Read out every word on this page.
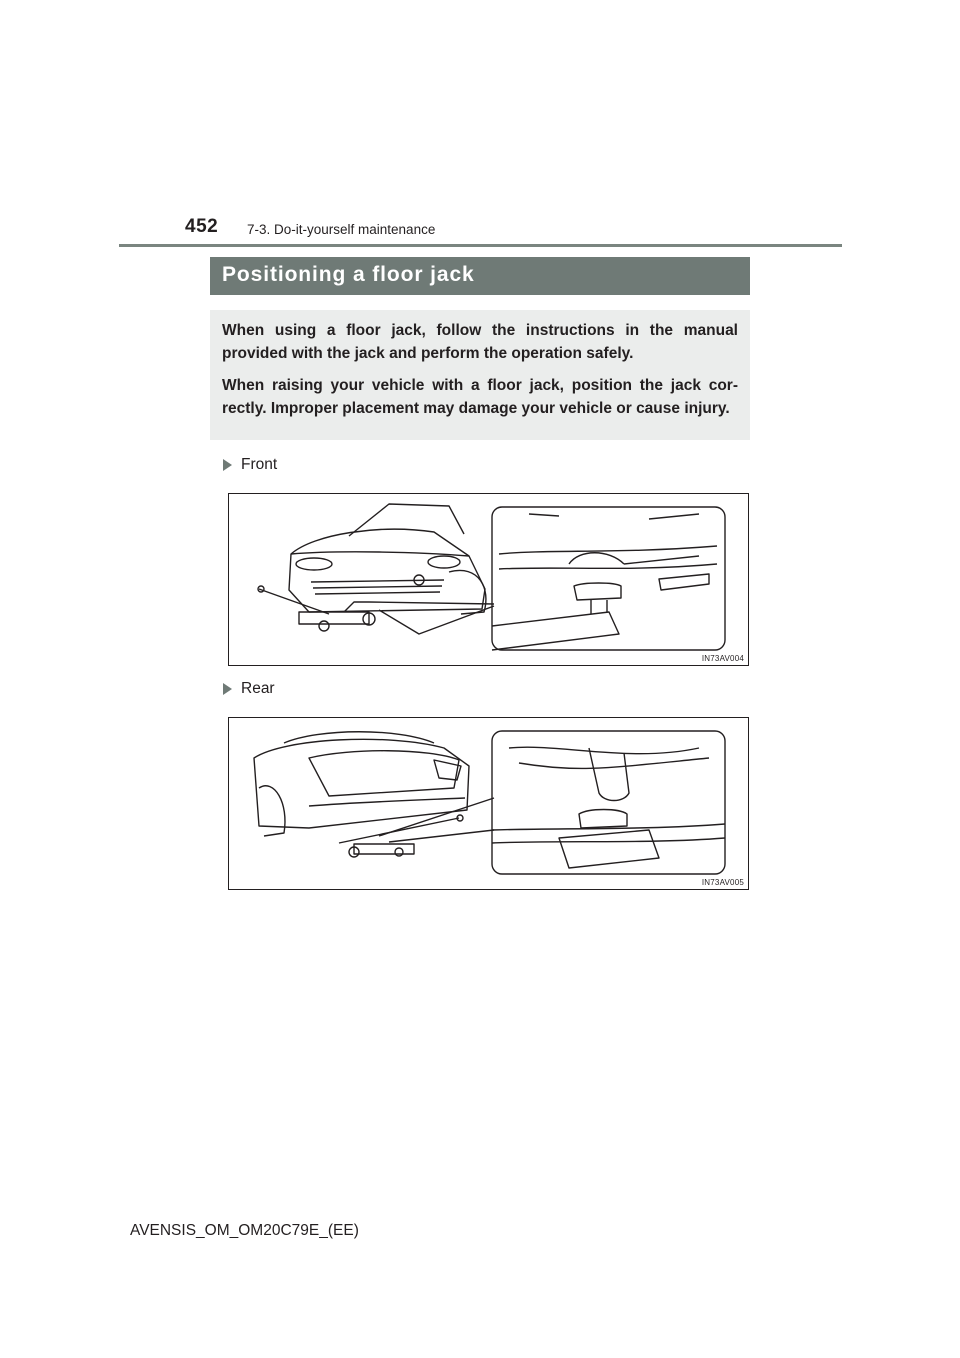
452 7-3. Do-it-yourself maintenance
Positioning a floor jack

When using a floor jack, follow the instructions in the manual provided with the jack and perform the operation safely.

When raising your vehicle with a floor jack, position the jack cor-rectly. Improper placement may damage your vehicle or cause injury.

Front
IN73AV004
Rear
IN73AV005
AVENSIS_OM_OM20C79E_(EE)
